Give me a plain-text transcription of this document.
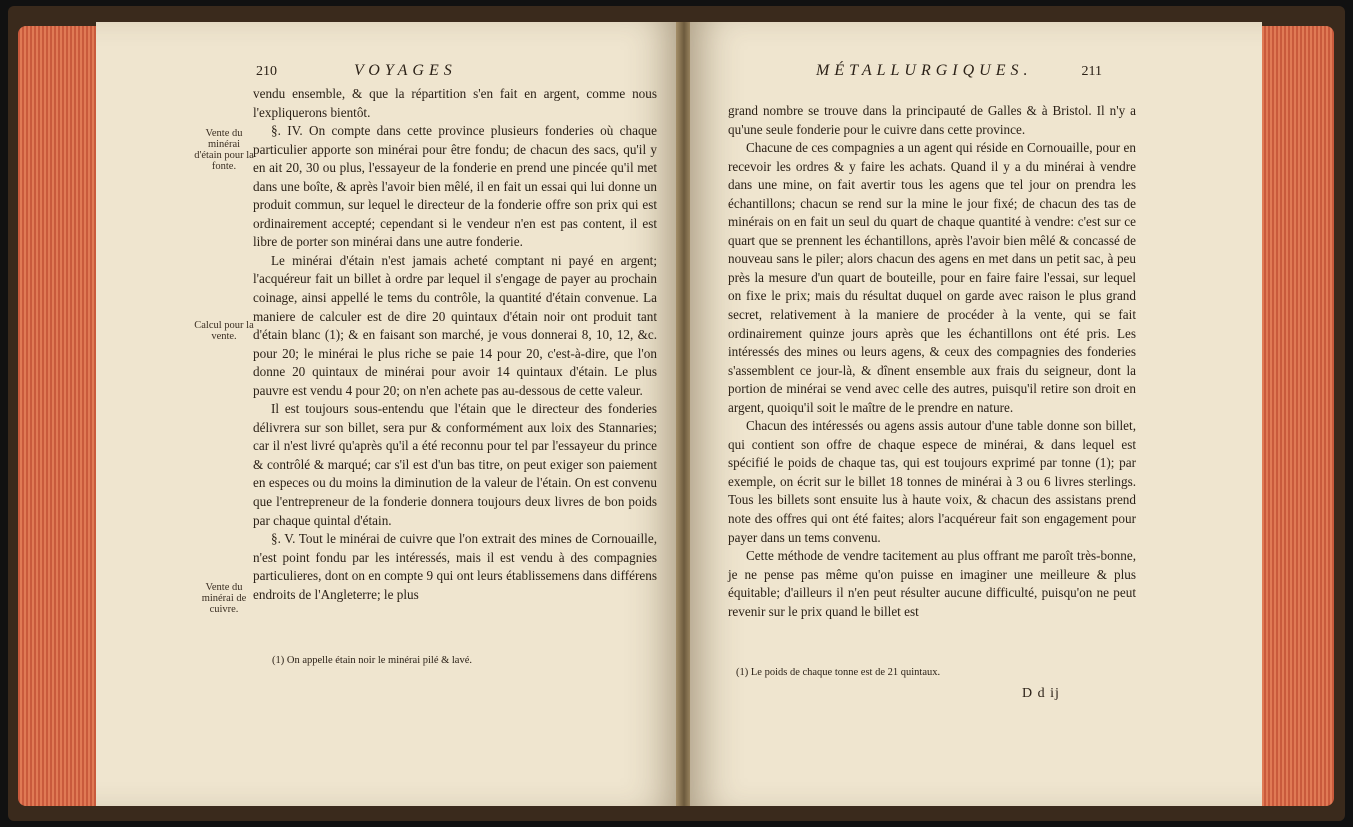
210	VOYAGES
Vente du minérai d'étain pour la fonte.
Calcul pour la vente.
Vente du minérai de cuivre.

vendu ensemble, & que la répartition s'en fait en argent, comme nous l'expliquerons bientôt.

§. IV. On compte dans cette province plusieurs fonderies où chaque particulier apporte son minérai pour être fondu; de chacun des sacs, qu'il y en ait 20, 30 ou plus, l'essayeur de la fonderie en prend une pincée qu'il met dans une boîte, & après l'avoir bien mêlé, il en fait un essai qui lui donne un produit commun, sur lequel le directeur de la fonderie offre son prix qui est ordinairement accepté; cependant si le vendeur n'en est pas content, il est libre de porter son minérai dans une autre fonderie.

Le minérai d'étain n'est jamais acheté comptant ni payé en argent; l'acquéreur fait un billet à ordre par lequel il s'engage de payer au prochain coinage, ainsi appellé le tems du contrôle, la quantité d'étain convenue. La maniere de calculer est de dire 20 quintaux d'étain noir ont produit tant d'étain blanc (1); & en faisant son marché, je vous donnerai 8, 10, 12, &c. pour 20; le minérai le plus riche se paie 14 pour 20, c'est-à-dire, que l'on donne 20 quintaux de minérai pour avoir 14 quintaux d'étain. Le plus pauvre est vendu 4 pour 20; on n'en achete pas au-dessous de cette valeur.

Il est toujours sous-entendu que l'étain que le directeur des fonderies délivrera sur son billet, sera pur & conformément aux loix des Stannaries; car il n'est livré qu'après qu'il a été reconnu pour tel par l'essayeur du prince & contrôlé & marqué; car s'il est d'un bas titre, on peut exiger son paiement en especes ou du moins la diminution de la valeur de l'étain. On est convenu que l'entrepreneur de la fonderie donnera toujours deux livres de bon poids par chaque quintal d'étain.

§. V. Tout le minérai de cuivre que l'on extrait des mines de Cornouaille, n'est point fondu par les intéressés, mais il est vendu à des compagnies particulieres, dont on en compte 9 qui ont leurs établissemens dans différens endroits de l'Angleterre; le plus

(1) On appelle étain noir le minérai pilé & lavé.
MÉTALLURGIQUES.	211

grand nombre se trouve dans la principauté de Galles & à Bristol. Il n'y a qu'une seule fonderie pour le cuivre dans cette province.

Chacune de ces compagnies a un agent qui réside en Cornouaille, pour en recevoir les ordres & y faire les achats. Quand il y a du minérai à vendre dans une mine, on fait avertir tous les agens que tel jour on prendra les échantillons; chacun se rend sur la mine le jour fixé; de chacun des tas de minérais on en fait un seul du quart de chaque quantité à vendre: c'est sur ce quart que se prennent les échantillons, après l'avoir bien mêlé & concassé de nouveau sans le piler; alors chacun des agens en met dans un petit sac, à peu près la mesure d'un quart de bouteille, pour en faire faire l'essai, sur lequel on fixe le prix; mais du résultat duquel on garde avec raison le plus grand secret, relativement à la maniere de procéder à la vente, qui se fait ordinairement quinze jours après que les échantillons ont été pris. Les intéressés des mines ou leurs agens, & ceux des compagnies des fonderies s'assemblent ce jour-là, & dînent ensemble aux frais du seigneur, dont la portion de minérai se vend avec celle des autres, puisqu'il retire son droit en argent, quoiqu'il soit le maître de le prendre en nature.

Chacun des intéressés ou agens assis autour d'une table donne son billet, qui contient son offre de chaque espece de minérai, & dans lequel est spécifié le poids de chaque tas, qui est toujours exprimé par tonne (1); par exemple, on écrit sur le billet 18 tonnes de minérai à 3 ou 6 livres sterlings. Tous les billets sont ensuite lus à haute voix, & chacun des assistans prend note des offres qui ont été faites; alors l'acquéreur fait son engagement pour payer dans un tems convenu.

Cette méthode de vendre tacitement au plus offrant me paroît très-bonne, je ne pense pas même qu'on puisse en imaginer une meilleure & plus équitable; d'ailleurs il n'en peut résulter aucune difficulté, puisqu'on ne peut revenir sur le prix quand le billet est

(1) Le poids de chaque tonne est de 21 quintaux.
D d ij
